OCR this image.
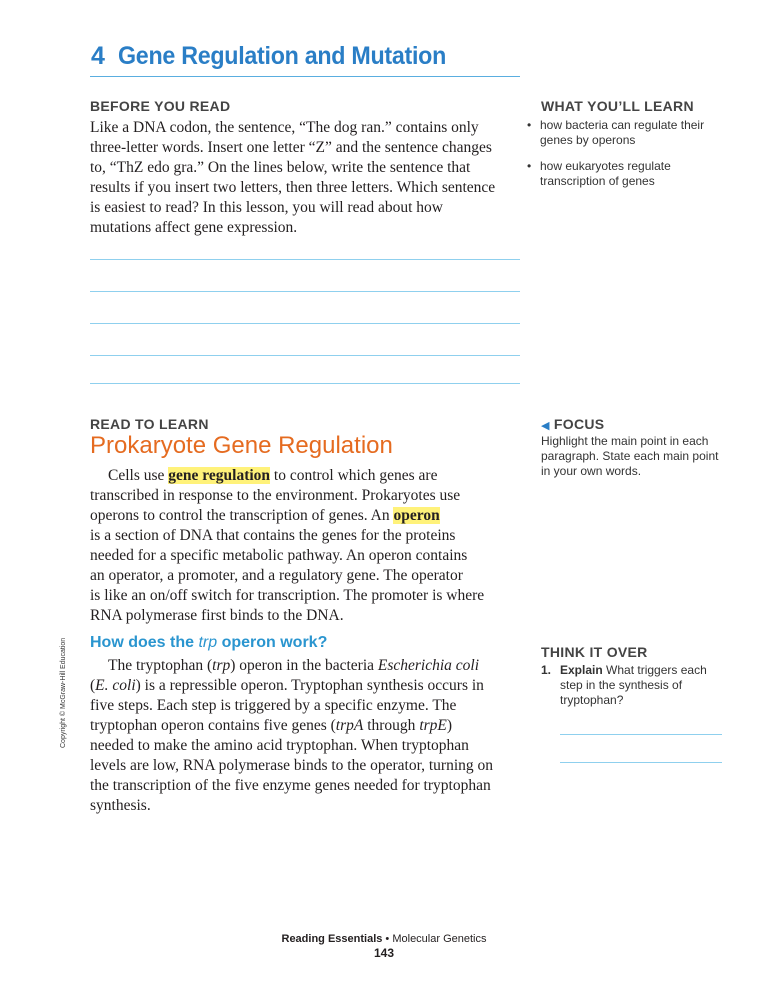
4 Gene Regulation and Mutation
BEFORE YOU READ
Like a DNA codon, the sentence, “The dog ran.” contains only
three-letter words. Insert one letter “Z” and the sentence changes
to, “ThZ edo gra.” On the lines below, write the sentence that
results if you insert two letters, then three letters. Which sentence
is easiest to read? In this lesson, you will read about how
mutations affect gene expression.
WHAT YOU’LL LEARN
• how bacteria can regulate their genes by operons
• how eukaryotes regulate transcription of genes
READ TO LEARN
Prokaryote Gene Regulation
Cells use gene regulation to control which genes are
transcribed in response to the environment. Prokaryotes use
operons to control the transcription of genes. An operon
is a section of DNA that contains the genes for the proteins
needed for a specific metabolic pathway. An operon contains
an operator, a promoter, and a regulatory gene. The operator
is like an on/off switch for transcription. The promoter is where
RNA polymerase first binds to the DNA.
◀ FOCUS
Highlight the main point in each paragraph. State each main point in your own words.
How does the trp operon work?
The tryptophan (trp) operon in the bacteria Escherichia coli
(E. coli) is a repressible operon. Tryptophan synthesis occurs in
five steps. Each step is triggered by a specific enzyme. The
tryptophan operon contains five genes (trpA through trpE)
needed to make the amino acid tryptophan. When tryptophan
levels are low, RNA polymerase binds to the operator, turning on
the transcription of the five enzyme genes needed for tryptophan
synthesis.
THINK IT OVER
1. Explain What triggers each step in the synthesis of tryptophan?
Copyright © McGraw-Hill Education
Reading Essentials • Molecular Genetics
143
